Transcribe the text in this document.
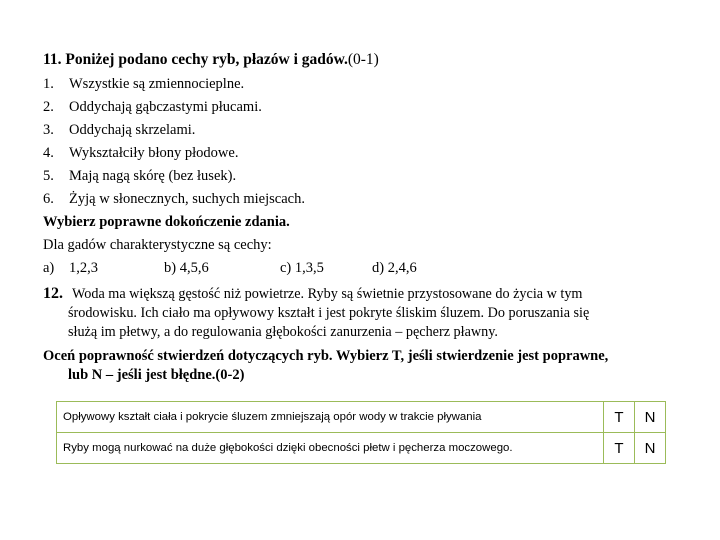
11. Poniżej podano cechy ryb, płazów i gadów.(0-1)
1. Wszystkie są zmiennocieplne.
2. Oddychają gąbczastymi płucami.
3. Oddychają skrzelami.
4. Wykształciły błony płodowe.
5. Mają nagą skórę (bez łusek).
6. Żyją w słonecznych, suchych miejscach.
Wybierz poprawne dokończenie zdania.
Dla gadów charakterystyczne są cechy:
a) 1,2,3	b) 4,5,6	c) 1,3,5	d) 2,4,6
12. Woda ma większą gęstość niż powietrze. Ryby są świetnie przystosowane do życia w tym
środowisku. Ich ciało ma opływowy kształt i jest pokryte śliskim śluzem. Do poruszania się
służą im płetwy, a do regulowania głębokości zanurzenia – pęcherz pławny.
Oceń poprawność stwierdzeń dotyczących ryb. Wybierz T, jeśli stwierdzenie jest poprawne,
lub N – jeśli jest błędne.(0-2)
Opływowy kształt ciała i pokrycie śluzem zmniejszają opór wody w trakcie pływania	T	N
Ryby mogą nurkować na duże głębokości dzięki obecności płetw i pęcherza moczowego.	T	N
